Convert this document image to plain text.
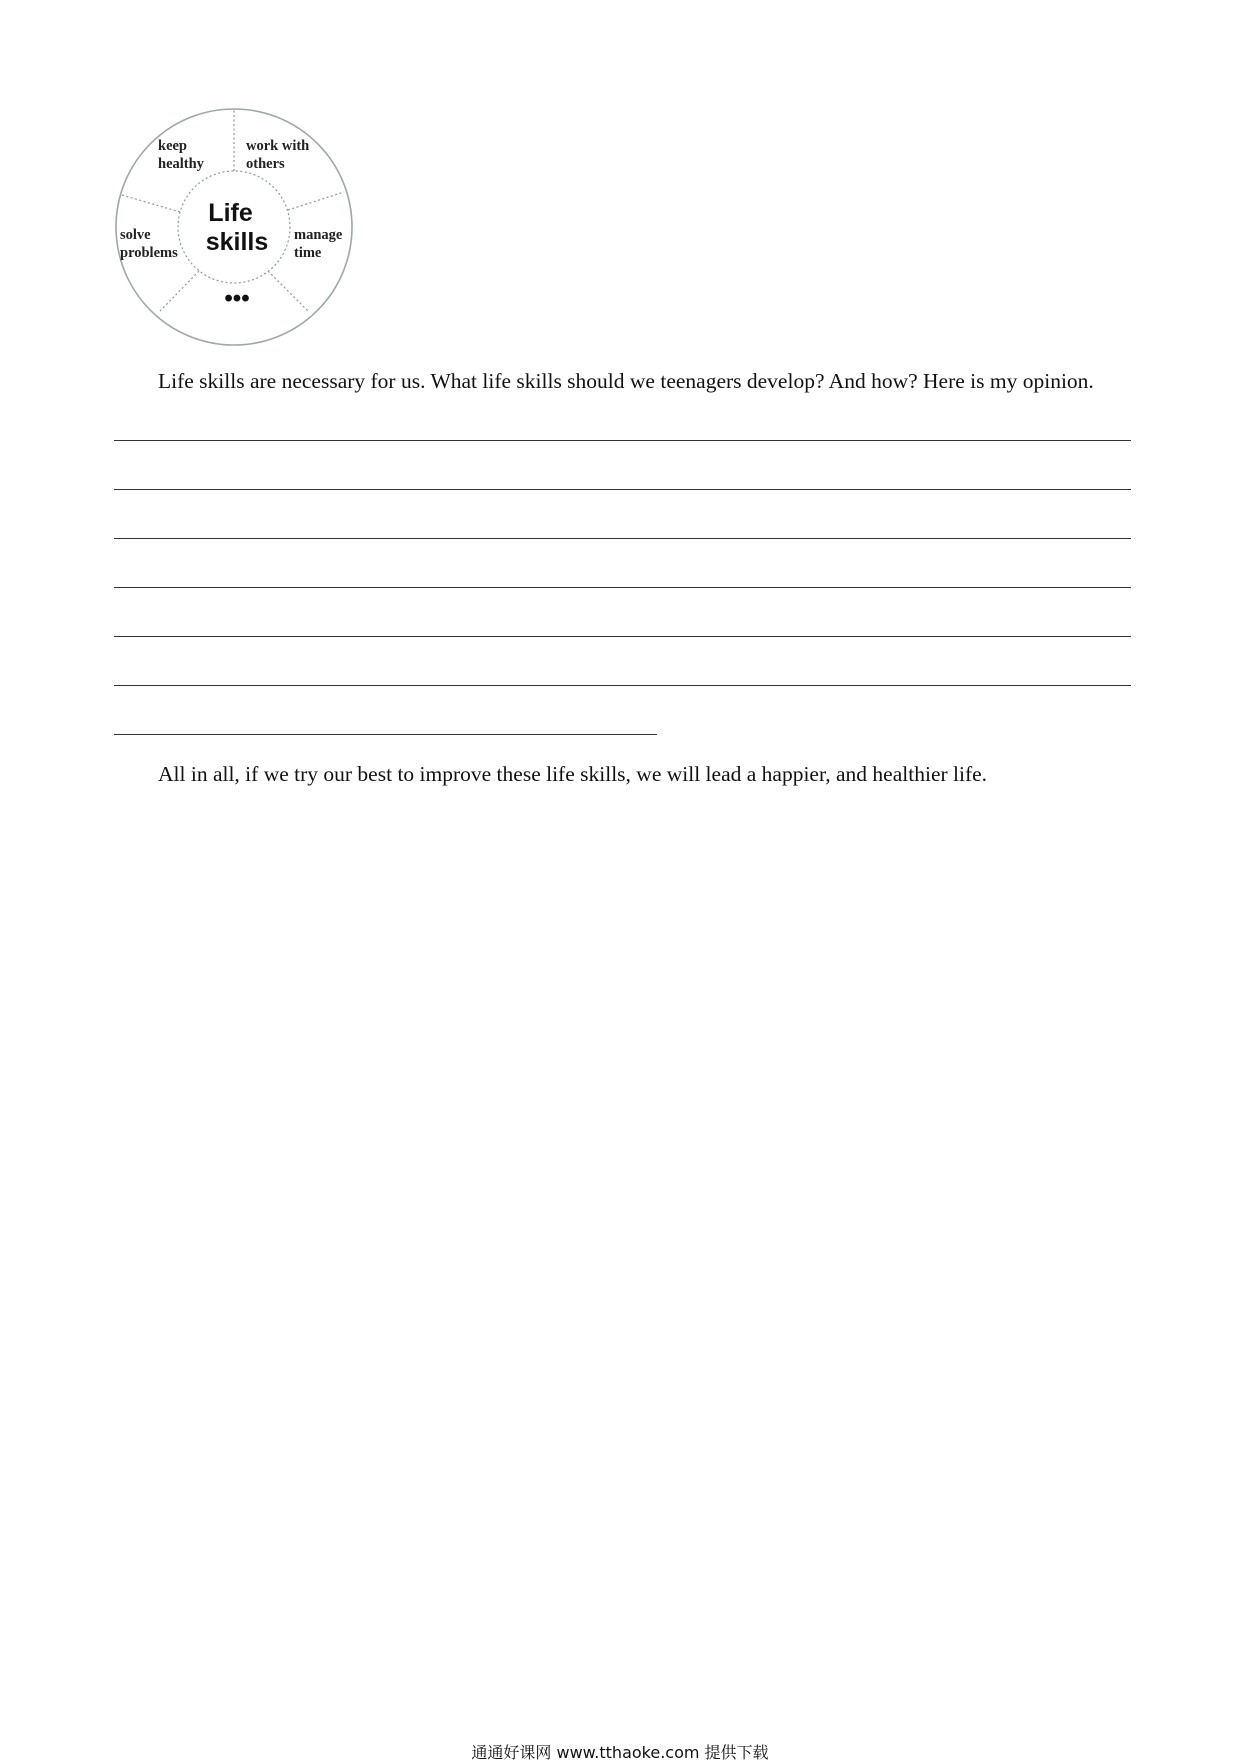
keep healthy
work with others
manage time
solve problems
Life skills
•••

Life skills are necessary for us. What life skills should we teenagers develop? And how? Here is my opinion.

All in all, if we try our best to improve these life skills, we will lead a happier, and healthier life.

通通好课网 www.tthaoke.com 提供下载
